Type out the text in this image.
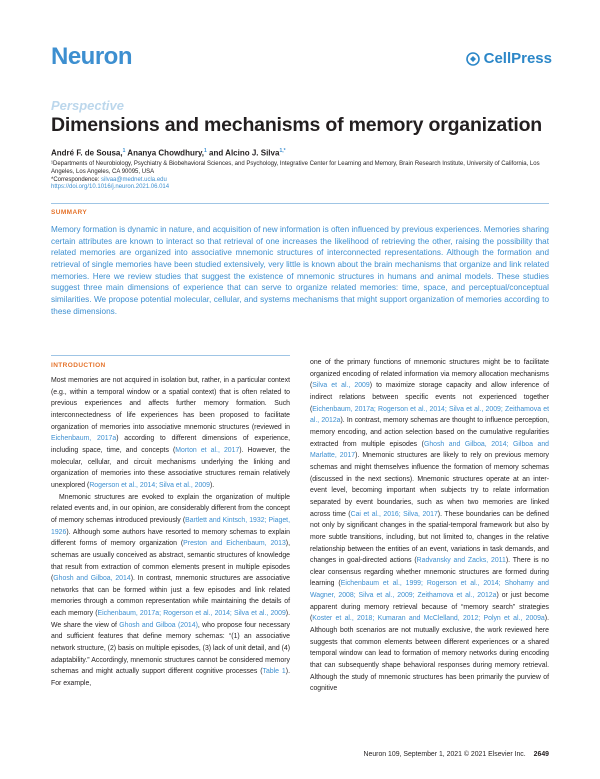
Neuron	CellPress
Perspective
Dimensions and mechanisms of memory organization
André F. de Sousa,$^1$ Ananya Chowdhury,$^1$ and Alcino J. Silva$^{1,*}$
¹Departments of Neurobiology, Psychiatry & Biobehavioral Sciences, and Psychology, Integrative Center for Learning and Memory, Brain Research Institute, University of California, Los Angeles, Los Angeles, CA 90095, USA
*Correspondence: silvaa@mednet.ucla.edu
https://doi.org/10.1016/j.neuron.2021.06.014
SUMMARY
Memory formation is dynamic in nature, and acquisition of new information is often influenced by previous experiences. Memories sharing certain attributes are known to interact so that retrieval of one increases the likelihood of retrieving the other, raising the possibility that related memories are organized into associative mnemonic structures of interconnected representations. Although the formation and retrieval of single memories have been studied extensively, very little is known about the brain mechanisms that organize and link related memories. Here we review studies that suggest the existence of mnemonic structures in humans and animal models. These studies suggest three main dimensions of experience that can serve to organize related memories: time, space, and perceptual/conceptual similarities. We propose potential molecular, cellular, and systems mechanisms that might support organization of memories according to these dimensions.
INTRODUCTION

Most memories are not acquired in isolation but, rather, in a particular context (e.g., within a temporal window or a spatial context) that is often related to previous experiences and affects further memory formation. Such interconnectedness of life experiences has been proposed to facilitate organization of memories into associative mnemonic structures (reviewed in Eichenbaum, 2017a) according to different dimensions of experience, including space, time, and concepts (Morton et al., 2017). However, the molecular, cellular, and circuit mechanisms underlying the linking and organization of memories into these associative structures remain relatively unexplored (Rogerson et al., 2014; Silva et al., 2009).

Mnemonic structures are evoked to explain the organization of multiple related events and, in our opinion, are considerably different from the concept of memory schemas introduced previously (Bartlett and Kintsch, 1932; Piaget, 1926). Although some authors have resorted to memory schemas to explain different forms of memory organization (Preston and Eichenbaum, 2013), schemas are usually conceived as abstract, semantic structures of knowledge that result from extraction of common elements present in multiple episodes (Ghosh and Gilboa, 2014). In contrast, mnemonic structures are associative networks that can be formed within just a few episodes and link related memories through a common representation while maintaining the details of each memory (Eichenbaum, 2017a; Rogerson et al., 2014; Silva et al., 2009). We share the view of Ghosh and Gilboa (2014), who propose four necessary and sufficient features that define memory schemas: “(1) an associative network structure, (2) basis on multiple episodes, (3) lack of unit detail, and (4) adaptability.” Accordingly, mnemonic structures cannot be considered memory schemas and might actually support different cognitive processes (Table 1). For example,

one of the primary functions of mnemonic structures might be to facilitate organized encoding of related information via memory allocation mechanisms (Silva et al., 2009) to maximize storage capacity and allow inference of indirect relations between specific events not experienced together (Eichenbaum, 2017a; Rogerson et al., 2014; Silva et al., 2009; Zeithamova et al., 2012a). In contrast, memory schemas are thought to influence perception, memory encoding, and action selection based on the cumulative regularities extracted from multiple episodes (Ghosh and Gilboa, 2014; Gilboa and Marlatte, 2017). Mnemonic structures are likely to rely on previous memory schemas and might themselves influence the formation of memory schemas (discussed in the next sections). Mnemonic structures operate at an inter-event level, becoming important when subjects try to relate information separated by event boundaries, such as when two memories are linked across time (Cai et al., 2016; Silva, 2017). These boundaries can be defined not only by significant changes in the spatial-temporal framework but also by more subtle transitions, including, but not limited to, changes in the relative relationship between the entities of an event, variations in task demands, and changes in goal-directed actions (Radvansky and Zacks, 2011). There is no clear consensus regarding whether mnemonic structures are formed during learning (Eichenbaum et al., 1999; Rogerson et al., 2014; Shohamy and Wagner, 2008; Silva et al., 2009; Zeithamova et al., 2012a) or just become apparent during memory retrieval because of “memory search” strategies (Koster et al., 2018; Kumaran and McClelland, 2012; Polyn et al., 2009a). Although both scenarios are not mutually exclusive, the work reviewed here suggests that common elements between different experiences or a shared temporal window can lead to formation of memory networks during encoding that can subsequently shape behavioral responses during memory retrieval. Although the study of mnemonic structures has been primarily the purview of cognitive

Neuron 109, September 1, 2021 © 2021 Elsevier Inc. 2649
